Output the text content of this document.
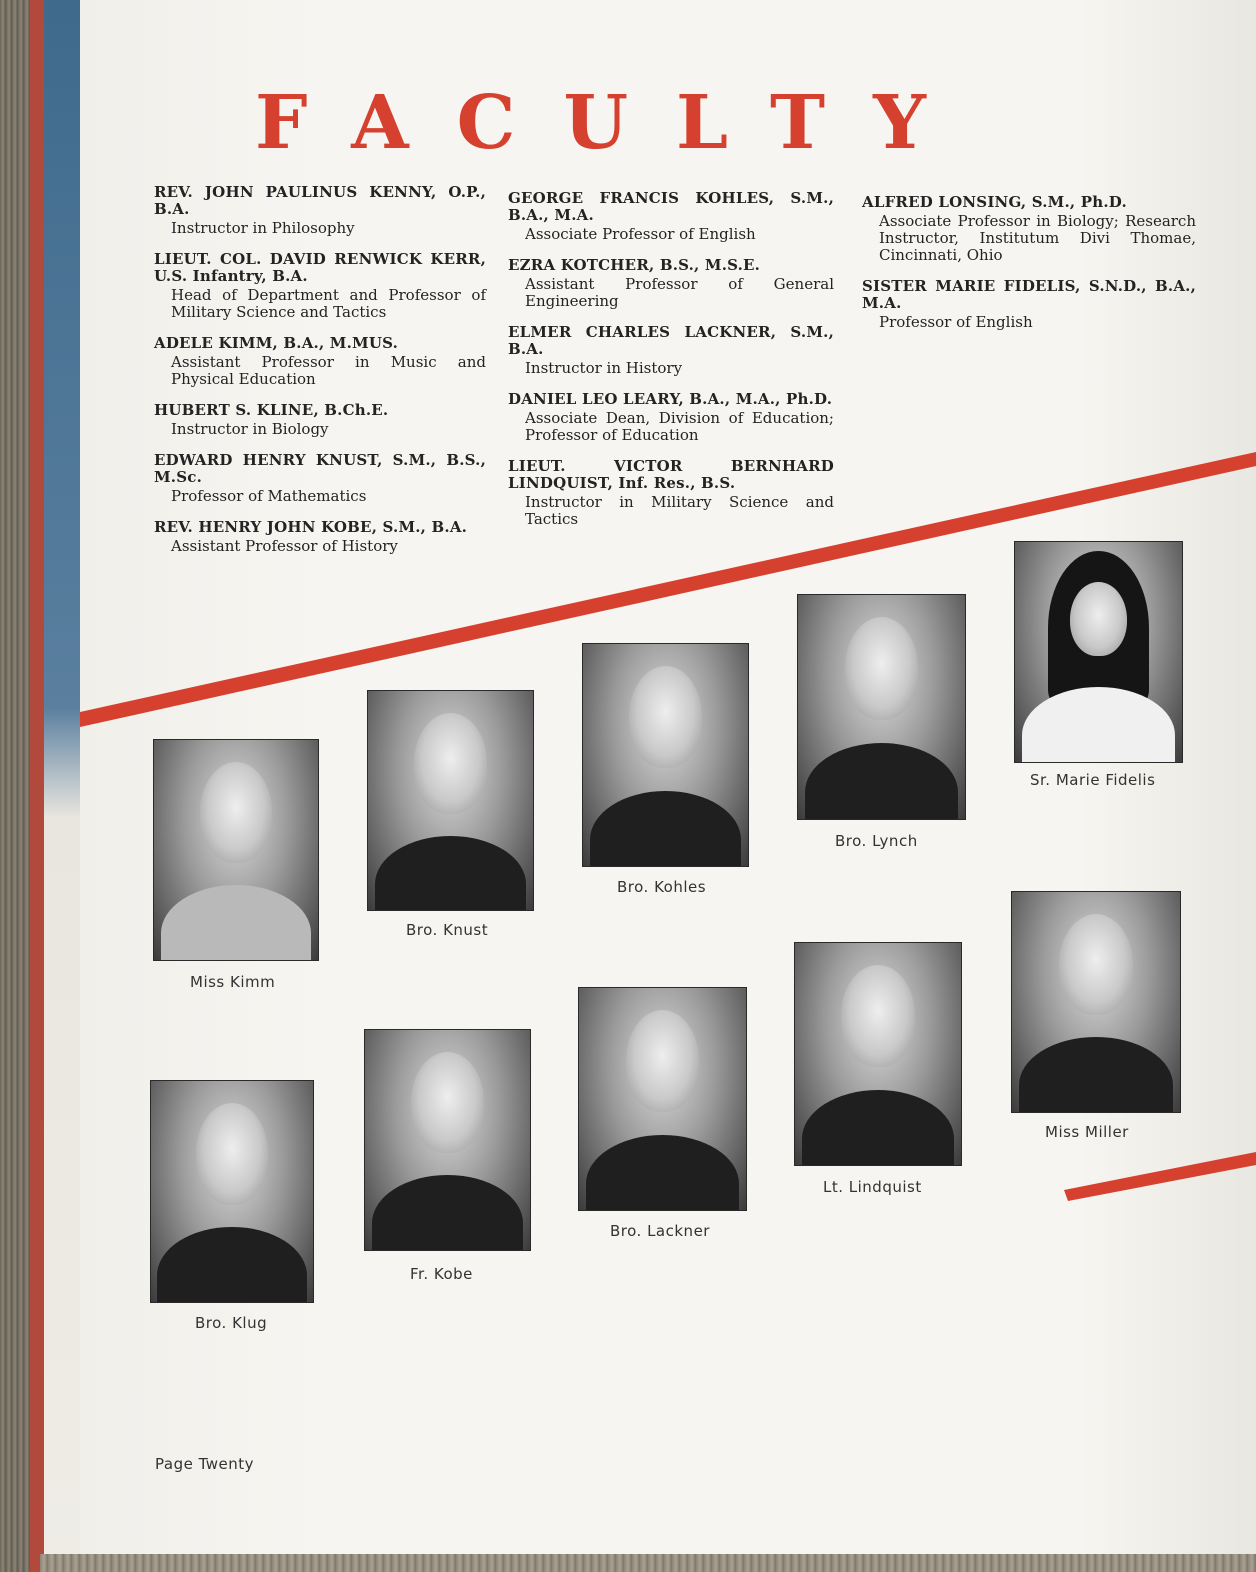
FACULTY
REV. JOHN PAULINUS KENNY, O.P., B.A.
Instructor in Philosophy
LIEUT. COL. DAVID RENWICK KERR, U.S. Infantry, B.A.
Head of Department and Professor of Military Science and Tactics
ADELE KIMM, B.A., M.MUS.
Assistant Professor in Music and Physical Education
HUBERT S. KLINE, B.Ch.E.
Instructor in Biology
EDWARD HENRY KNUST, S.M., B.S., M.Sc.
Professor of Mathematics
REV. HENRY JOHN KOBE, S.M., B.A.
Assistant Professor of History
GEORGE FRANCIS KOHLES, S.M., B.A., M.A.
Associate Professor of English
EZRA KOTCHER, B.S., M.S.E.
Assistant Professor of General Engineering
ELMER CHARLES LACKNER, S.M., B.A.
Instructor in History
DANIEL LEO LEARY, B.A., M.A., Ph.D.
Associate Dean, Division of Education; Professor of Education
LIEUT. VICTOR BERNHARD LINDQUIST, Inf. Res., B.S.
Instructor in Military Science and Tactics
ALFRED LONSING, S.M., Ph.D.
Associate Professor in Biology; Research Instructor, Institutum Divi Thomae, Cincinnati, Ohio
SISTER MARIE FIDELIS, S.N.D., B.A., M.A.
Professor of English
Miss Kimm
Bro. Knust
Bro. Kohles
Bro. Lynch
Sr. Marie Fidelis
Bro. Klug
Fr. Kobe
Bro. Lackner
Lt. Lindquist
Miss Miller
Page Twenty
